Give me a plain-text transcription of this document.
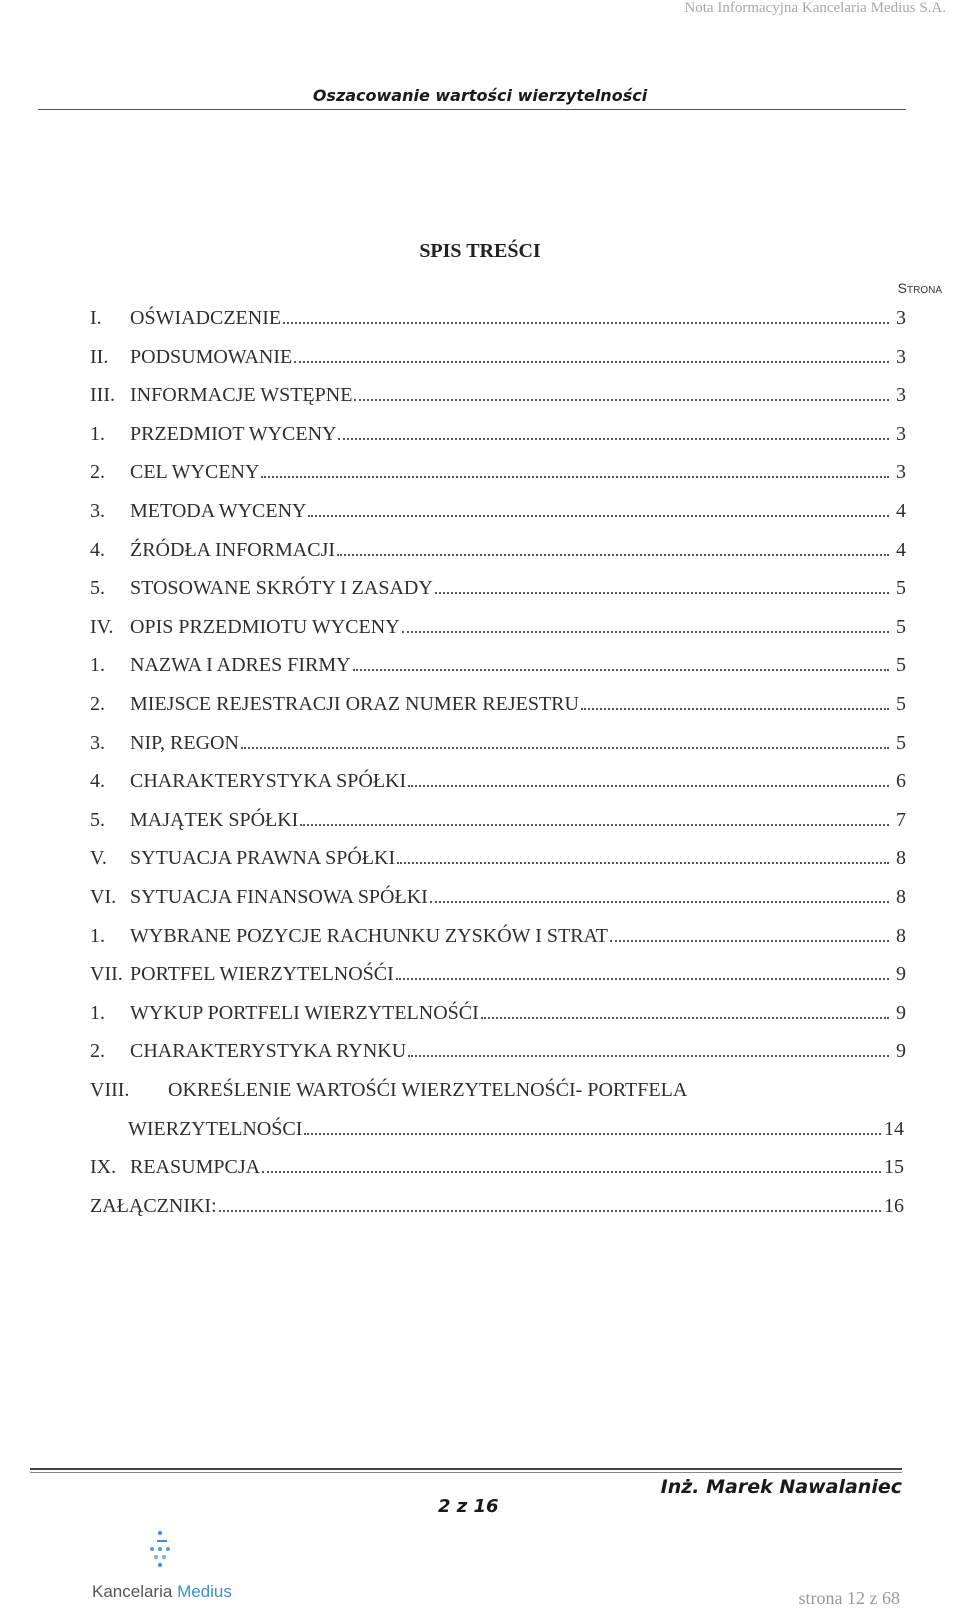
Nota Informacyjna Kancelaria Medius S.A.
Oszacowanie wartości wierzytelności
SPIS TREŚCI
Strona
I.	OŚWIADCZENIE	3
II.	PODSUMOWANIE	3
III. INFORMACJE WSTĘPNE	3
1.	PRZEDMIOT WYCENY	3
2.	CEL WYCENY	3
3.	METODA WYCENY	4
4.	ŹRÓDŁA INFORMACJI	4
5.	STOSOWANE SKRÓTY I ZASADY	5
IV. OPIS PRZEDMIOTU WYCENY	5
1.	NAZWA I ADRES FIRMY	5
2.	MIEJSCE REJESTRACJI ORAZ NUMER REJESTRU	5
3.	NIP, REGON	5
4.	CHARAKTERYSTYKA SPÓŁKI	6
5.	MAJĄTEK SPÓŁKI	7
V.	SYTUACJA PRAWNA SPÓŁKI	8
VI. SYTUACJA FINANSOWA SPÓŁKI	8
1.	WYBRANE POZYCJE RACHUNKU ZYSKÓW I STRAT	8
VII. PORTFEL WIERZYTELNOŚĆI	9
1.	WYKUP PORTFELI WIERZYTELNOŚĆI	9
2.	CHARAKTERYSTYKA RYNKU	9
VIII.	OKREŚLENIE WARTOŚĆI WIERZYTELNOŚĆI- PORTFELA
WIERZYTELNOŚCI	14
IX. REASUMPCJA	15
ZAŁĄCZNIKI:	16
Inż. Marek Nawalaniec
2 z 16
Kancelaria Medius	strona 12 z 68
